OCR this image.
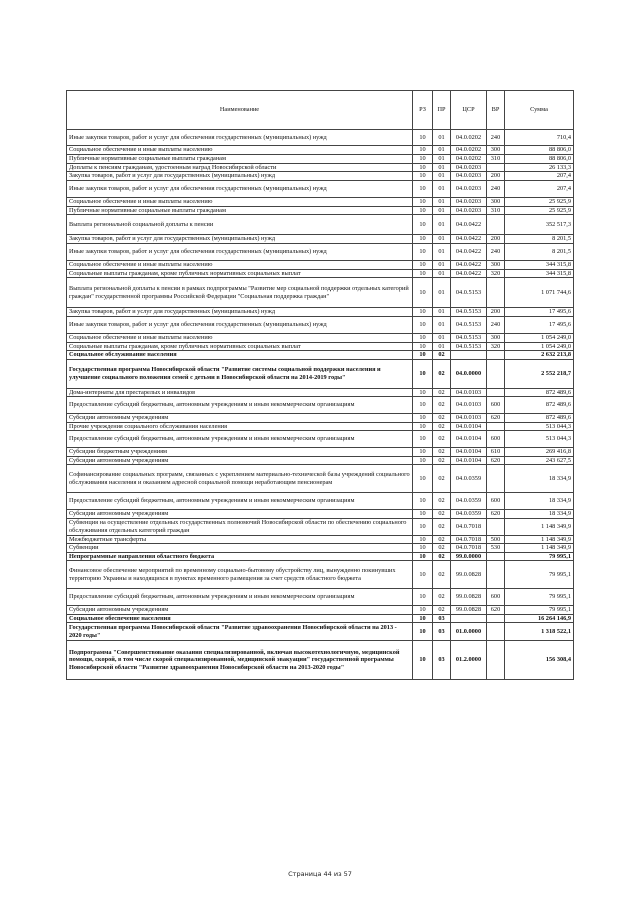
Наименование	РЗ	ПР	ЦСР	ВР	Сумма
Иные закупки товаров, работ и услуг для обеспечения государственных (муниципальных) нужд	10	01	04.0.0202	240	710,4
Социальное обеспечение и иные выплаты населению	10	01	04.0.0202	300	88 806,0
Публичные нормативные социальные выплаты гражданам	10	01	04.0.0202	310	88 806,0
Доплаты к пенсиям гражданам, удостоенным наград Новосибирской области	10	01	04.0.0203		26 133,3
Закупка товаров, работ и услуг для государственных (муниципальных) нужд	10	01	04.0.0203	200	207,4
Иные закупки товаров, работ и услуг для обеспечения государственных (муниципальных) нужд	10	01	04.0.0203	240	207,4
Социальное обеспечение и иные выплаты населению	10	01	04.0.0203	300	25 925,9
Публичные нормативные социальные выплаты гражданам	10	01	04.0.0203	310	25 925,9
Выплата региональной социальной доплаты к пенсии	10	01	04.0.0422		352 517,3
Закупка товаров, работ и услуг для государственных (муниципальных) нужд	10	01	04.0.0422	200	8 201,5
Иные закупки товаров, работ и услуг для обеспечения государственных (муниципальных) нужд	10	01	04.0.0422	240	8 201,5
Социальное обеспечение и иные выплаты населению	10	01	04.0.0422	300	344 315,8
Социальные выплаты гражданам, кроме публичных нормативных социальных выплат	10	01	04.0.0422	320	344 315,8
Выплата региональной доплаты к пенсии в рамках подпрограммы "Развитие мер социальной поддержки отдельных категорий граждан" государственной программы Российской Федерации "Социальная поддержка граждан"	10	01	04.0.5153		1 071 744,6
Закупка товаров, работ и услуг для государственных (муниципальных) нужд	10	01	04.0.5153	200	17 495,6
Иные закупки товаров, работ и услуг для обеспечения государственных (муниципальных) нужд	10	01	04.0.5153	240	17 495,6
Социальное обеспечение и иные выплаты населению	10	01	04.0.5153	300	1 054 249,0
Социальные выплаты гражданам, кроме публичных нормативных социальных выплат	10	01	04.0.5153	320	1 054 249,0
Социальное обслуживание населения	10	02			2 632 213,8
Государственная программа Новосибирской области "Развитие системы социальной поддержки населения и улучшение социального положения семей с детьми в Новосибирской области на 2014-2019 годы"	10	02	04.0.0000		2 552 218,7
Дома-интернаты для престарелых и инвалидов	10	02	04.0.0103		872 489,6
Предоставление субсидий бюджетным, автономным учреждениям и иным некоммерческим организациям	10	02	04.0.0103	600	872 489,6
Субсидии автономным учреждениям	10	02	04.0.0103	620	872 489,6
Прочие учреждения социального обслуживания населения	10	02	04.0.0104		513 044,3
Предоставление субсидий бюджетным, автономным учреждениям и иным некоммерческим организациям	10	02	04.0.0104	600	513 044,3
Субсидии бюджетным учреждениям	10	02	04.0.0104	610	269 416,8
Субсидии автономным учреждениям	10	02	04.0.0104	620	243 627,5
Софинансирование социальных программ, связанных с укреплением материально-технической базы учреждений социального обслуживания населения и оказанием адресной социальной помощи неработающим пенсионерам	10	02	04.0.0359		18 334,9
Предоставление субсидий бюджетным, автономным учреждениям и иным некоммерческим организациям	10	02	04.0.0359	600	18 334,9
Субсидии автономным учреждениям	10	02	04.0.0359	620	18 334,9
Субвенция на осуществление отдельных государственных полномочий Новосибирской области по обеспечению социального обслуживания отдельных категорий граждан	10	02	04.0.7018		1 148 349,9
Межбюджетные трансферты	10	02	04.0.7018	500	1 148 349,9
Субвенции	10	02	04.0.7018	530	1 148 349,9
Непрограммные направления областного бюджета	10	02	99.0.0000		79 995,1
Финансовое обеспечение мероприятий по временному социально-бытовому обустройству лиц, вынужденно покинувших территорию Украины и находящихся в пунктах временного размещения за счет средств областного бюджета	10	02	99.0.0828		79 995,1
Предоставление субсидий бюджетным, автономным учреждениям и иным некоммерческим организациям	10	02	99.0.0828	600	79 995,1
Субсидии автономным учреждениям	10	02	99.0.0828	620	79 995,1
Социальное обеспечение населения	10	03			16 264 146,9
Государственная программа Новосибирской области "Развитие здравоохранения Новосибирской области на 2013 - 2020 годы"	10	03	01.0.0000		1 318 522,1
Подпрограмма "Совершенствование оказания специализированной, включая высокотехнологичную, медицинской помощи, скорой, в том числе скорой специализированной, медицинской эвакуации" государственной программы Новосибирской области "Развитие здравоохранения Новосибирской области на 2013-2020 годы"	10	03	01.2.0000		156 308,4
Страница 44 из 57
